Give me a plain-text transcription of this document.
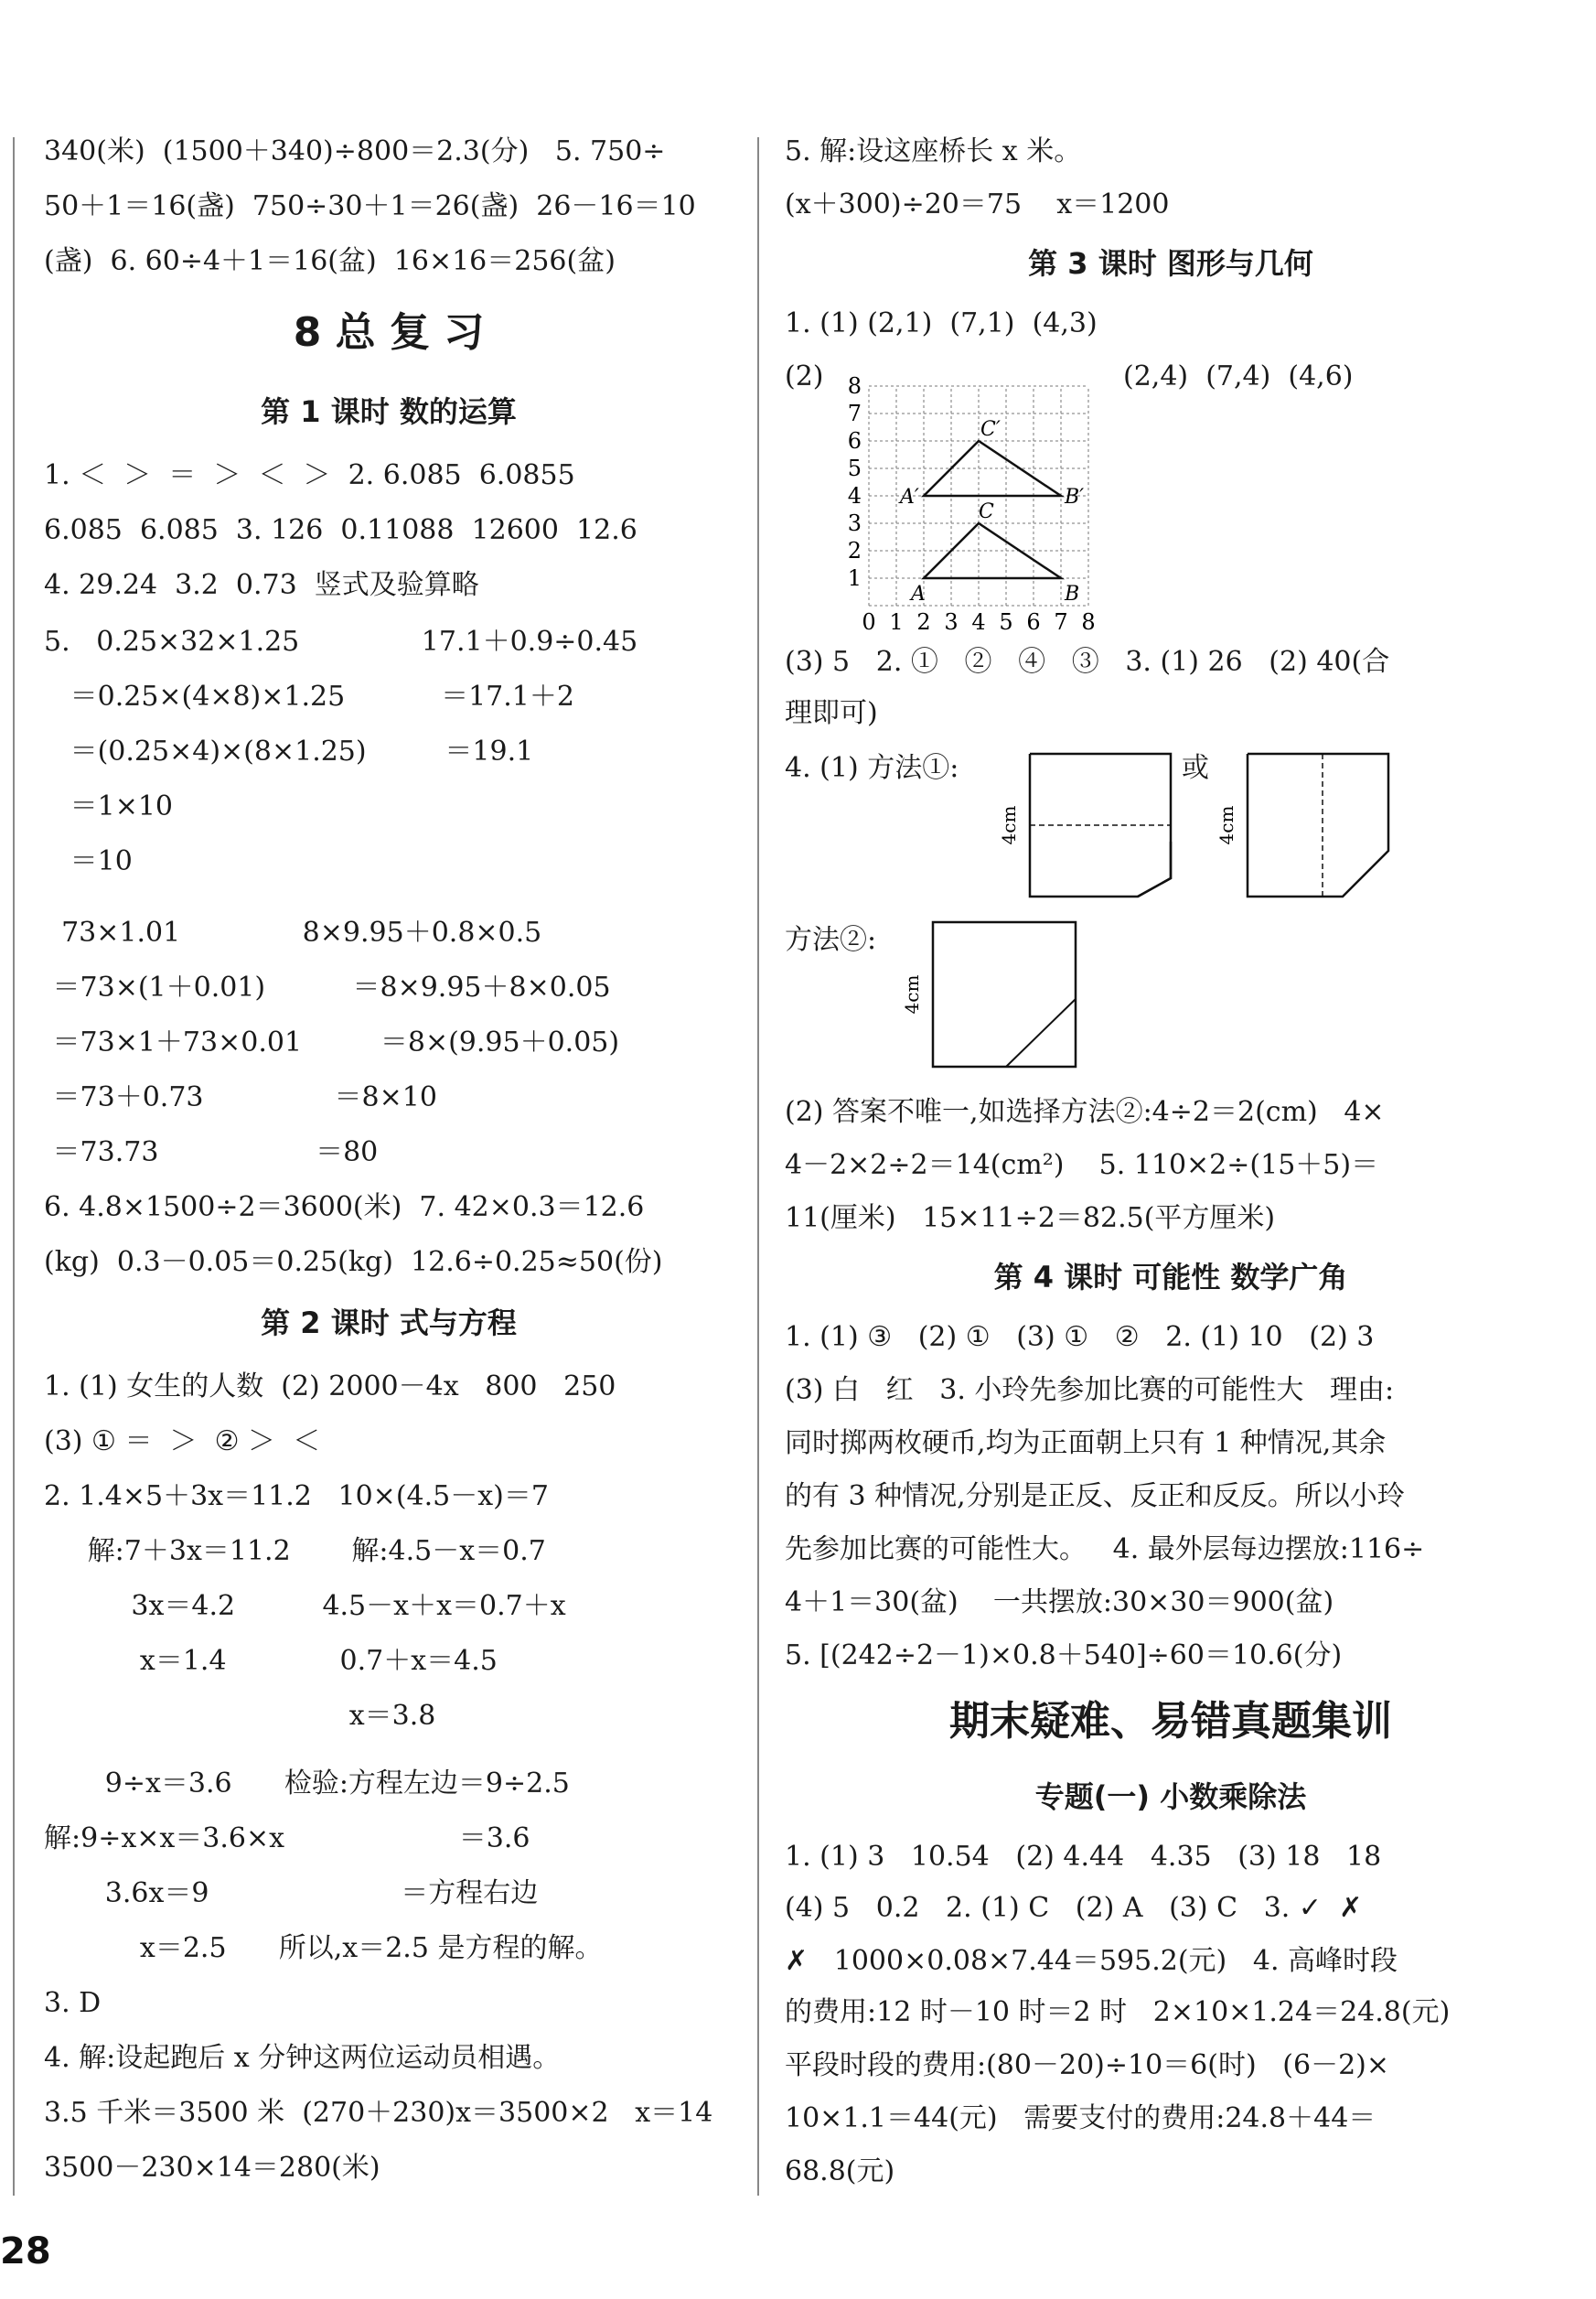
340(米)  (1500＋340)÷800＝2.3(分)   5. 750÷
50＋1＝16(盏)  750÷30＋1＝26(盏)  26－16＝10
(盏)  6. 60÷4＋1＝16(盆)  16×16＝256(盆)
8 总 复 习
第 1 课时 数的运算
1. ＜  ＞  ＝  ＞  ＜  ＞  2. 6.085  6.0855
6.085  6.085  3. 126  0.11088  12600  12.6
4. 29.24  3.2  0.73  竖式及验算略
5.   0.25×32×1.25              17.1＋0.9÷0.45
＝0.25×(4×8)×1.25           ＝17.1＋2
＝(0.25×4)×(8×1.25)         ＝19.1
＝1×10
＝10
73×1.01              8×9.95＋0.8×0.5
＝73×(1＋0.01)          ＝8×9.95＋8×0.05
＝73×1＋73×0.01         ＝8×(9.95＋0.05)
＝73＋0.73               ＝8×10
＝73.73                  ＝80
6. 4.8×1500÷2＝3600(米)  7. 42×0.3＝12.6
(kg)  0.3－0.05＝0.25(kg)  12.6÷0.25≈50(份)
第 2 课时 式与方程
1. (1) 女生的人数  (2) 2000－4x   800   250
(3) ① ＝  ＞  ② ＞  ＜
2. 1.4×5＋3x＝11.2   10×(4.5－x)＝7
解:7＋3x＝11.2       解:4.5－x＝0.7
3x＝4.2          4.5－x＋x＝0.7＋x
x＝1.4             0.7＋x＝4.5
x＝3.8
9÷x＝3.6      检验:方程左边＝9÷2.5
解:9÷x×x＝3.6×x                    ＝3.6
3.6x＝9                      ＝方程右边
x＝2.5      所以,x＝2.5 是方程的解。
3. D
4. 解:设起跑后 x 分钟这两位运动员相遇。
3.5 千米＝3500 米  (270＋230)x＝3500×2   x＝14
3500－230×14＝280(米)
28
5. 解:设这座桥长 x 米。
(x＋300)÷20＝75    x＝1200
第 3 课时 图形与几何
1. (1) (2,1)  (7,1)  (4,3)
(2)	(2,4)  (7,4)  (4,6)
0 1 2 3 4 5 6 7 8
8
7
6
5
4
3
2
1
A	B
C
A′	B′
C′
(3) 5   2. ①   ②   ④   ③   3. (1) 26   (2) 40(合
理即可)
4. (1) 方法①:	或
4cm	4cm
方法②:
4cm
(2) 答案不唯一,如选择方法②:4÷2＝2(cm)   4×
4－2×2÷2＝14(cm²)    5. 110×2÷(15＋5)＝
11(厘米)   15×11÷2＝82.5(平方厘米)
第 4 课时 可能性 数学广角
1. (1) ③   (2) ①   (3) ①   ②   2. (1) 10   (2) 3
(3) 白   红   3. 小玲先参加比赛的可能性大   理由:
同时掷两枚硬币,均为正面朝上只有 1 种情况,其余
的有 3 种情况,分别是正反、反正和反反。所以小玲
先参加比赛的可能性大。   4. 最外层每边摆放:116÷
4＋1＝30(盆)    一共摆放:30×30＝900(盆)
5. [(242÷2－1)×0.8＋540]÷60＝10.6(分)
期末疑难、易错真题集训
专题(一) 小数乘除法
1. (1) 3   10.54   (2) 4.44   4.35   (3) 18   18
(4) 5   0.2   2. (1) C   (2) A   (3) C   3. ✓  ✗
✗   1000×0.08×7.44＝595.2(元)   4. 高峰时段
的费用:12 时－10 时＝2 时   2×10×1.24＝24.8(元)
平段时段的费用:(80－20)÷10＝6(时)   (6－2)×
10×1.1＝44(元)   需要支付的费用:24.8＋44＝
68.8(元)
